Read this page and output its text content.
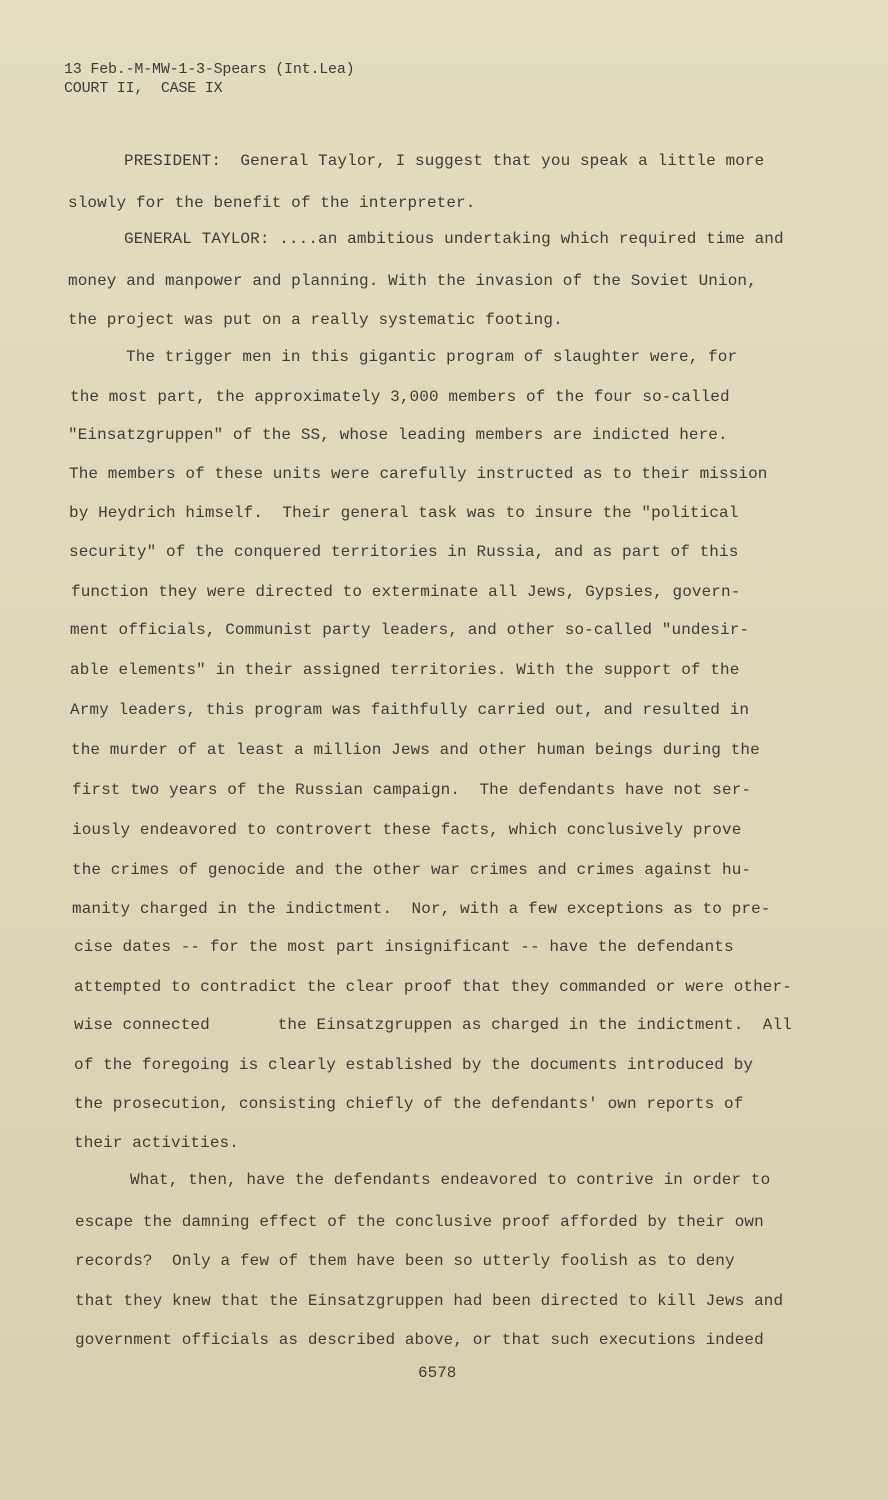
13 Feb.-M-MW-1-3-Spears (Int.Lea)
COURT II,  CASE IX
PRESIDENT:  General Taylor, I suggest that you speak a little more
slowly for the benefit of the interpreter.
GENERAL TAYLOR: ....an ambitious undertaking which required time and
money and manpower and planning. With the invasion of the Soviet Union,
the project was put on a really systematic footing.
The trigger men in this gigantic program of slaughter were, for
the most part, the approximately 3,000 members of the four so-called
"Einsatzgruppen" of the SS, whose leading members are indicted here.
The members of these units were carefully instructed as to their mission
by Heydrich himself.  Their general task was to insure the "political
security" of the conquered territories in Russia, and as part of this
function they were directed to exterminate all Jews, Gypsies, govern-
ment officials, Communist party leaders, and other so-called "undesir-
able elements" in their assigned territories. With the support of the
Army leaders, this program was faithfully carried out, and resulted in
the murder of at least a million Jews and other human beings during the
first two years of the Russian campaign.  The defendants have not ser-
iously endeavored to controvert these facts, which conclusively prove
the crimes of genocide and the other war crimes and crimes against hu-
manity charged in the indictment.  Nor, with a few exceptions as to pre-
cise dates -- for the most part insignificant -- have the defendants
attempted to contradict the clear proof that they commanded or were other-
wise connected       the Einsatzgruppen as charged in the indictment.  All
of the foregoing is clearly established by the documents introduced by
the prosecution, consisting chiefly of the defendants' own reports of
their activities.
What, then, have the defendants endeavored to contrive in order to
escape the damning effect of the conclusive proof afforded by their own
records?  Only a few of them have been so utterly foolish as to deny
that they knew that the Einsatzgruppen had been directed to kill Jews and
government officials as described above, or that such executions indeed
6578
